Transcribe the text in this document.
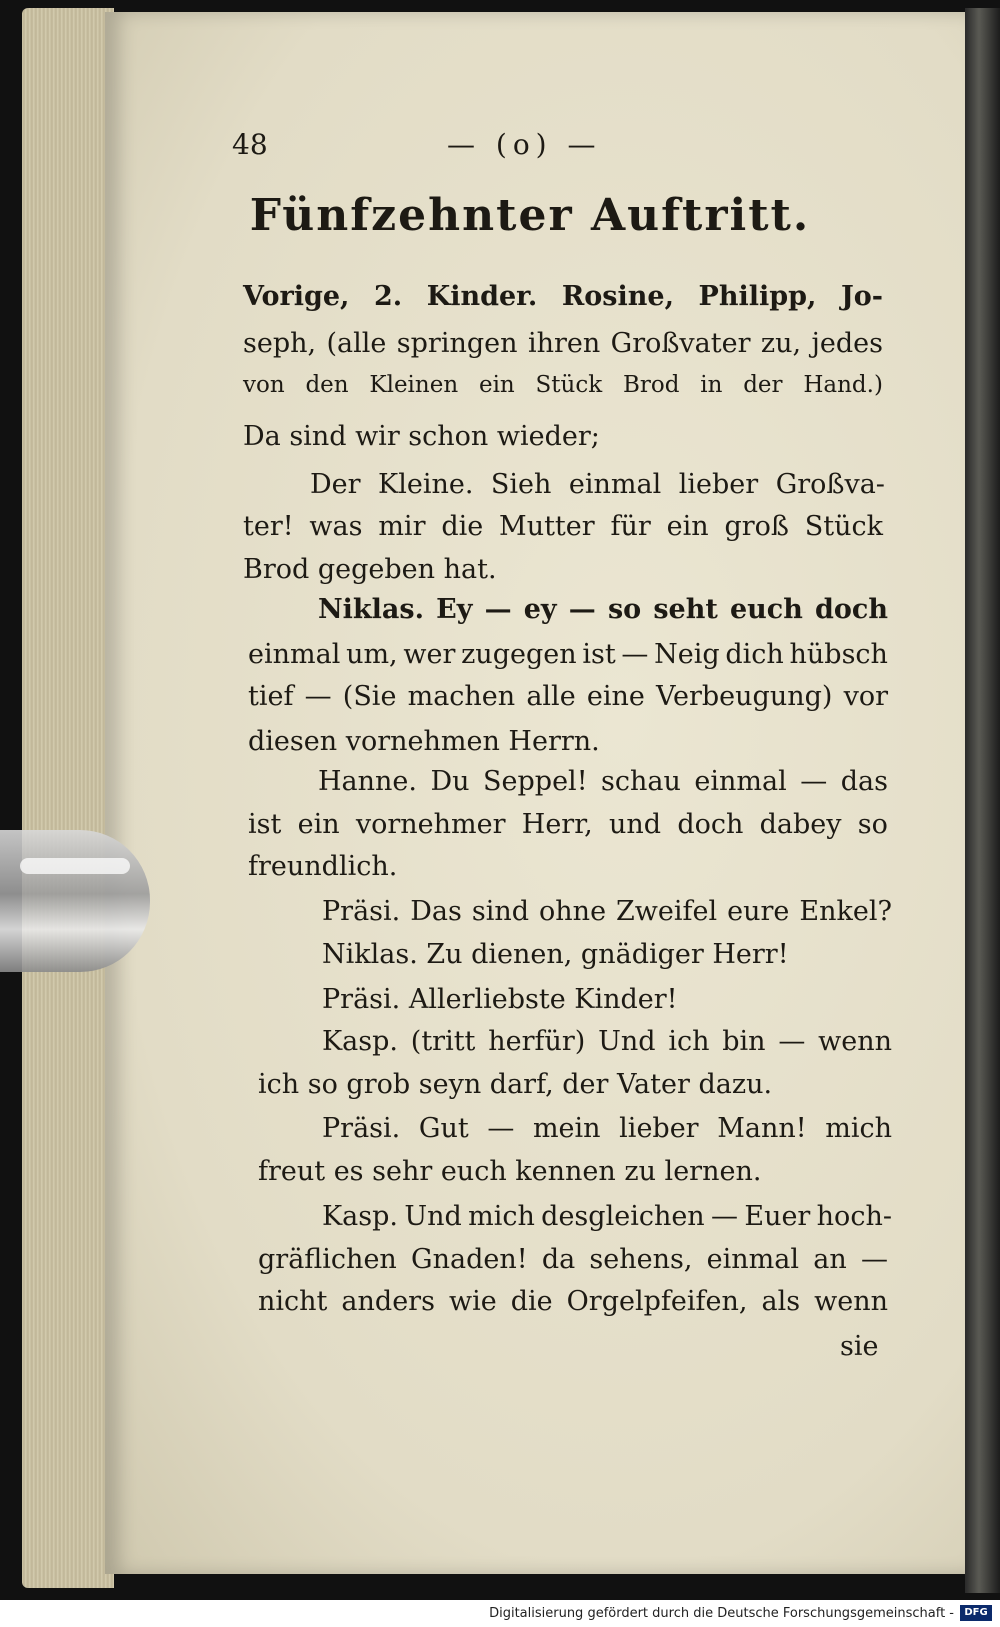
48	— (o) —
Fünfzehnter Auftritt.
Vorige, 2. Kinder. Rosine, Philipp, Jo-
seph, (alle springen ihren Großvater zu, jedes
von den Kleinen ein Stück Brod in der Hand.)
Da sind wir schon wieder;
Der Kleine. Sieh einmal lieber Großva-
ter! was mir die Mutter für ein groß Stück
Brod gegeben hat.
Niklas. Ey — ey — so seht euch doch
einmal um, wer zugegen ist — Neig dich hübsch
tief — (Sie machen alle eine Verbeugung) vor
diesen vornehmen Herrn.
Hanne. Du Seppel! schau einmal — das
ist ein vornehmer Herr, und doch dabey so
freundlich.
Präsi. Das sind ohne Zweifel eure Enkel?
Niklas. Zu dienen, gnädiger Herr!
Präsi. Allerliebste Kinder!
Kasp. (tritt herfür) Und ich bin — wenn
ich so grob seyn darf, der Vater dazu.
Präsi. Gut — mein lieber Mann! mich
freut es sehr euch kennen zu lernen.
Kasp. Und mich desgleichen — Euer hoch-
gräflichen Gnaden! da sehens, einmal an —
nicht anders wie die Orgelpfeifen, als wenn
sie
Digitalisierung gefördert durch die Deutsche Forschungsgemeinschaft -	DFG
